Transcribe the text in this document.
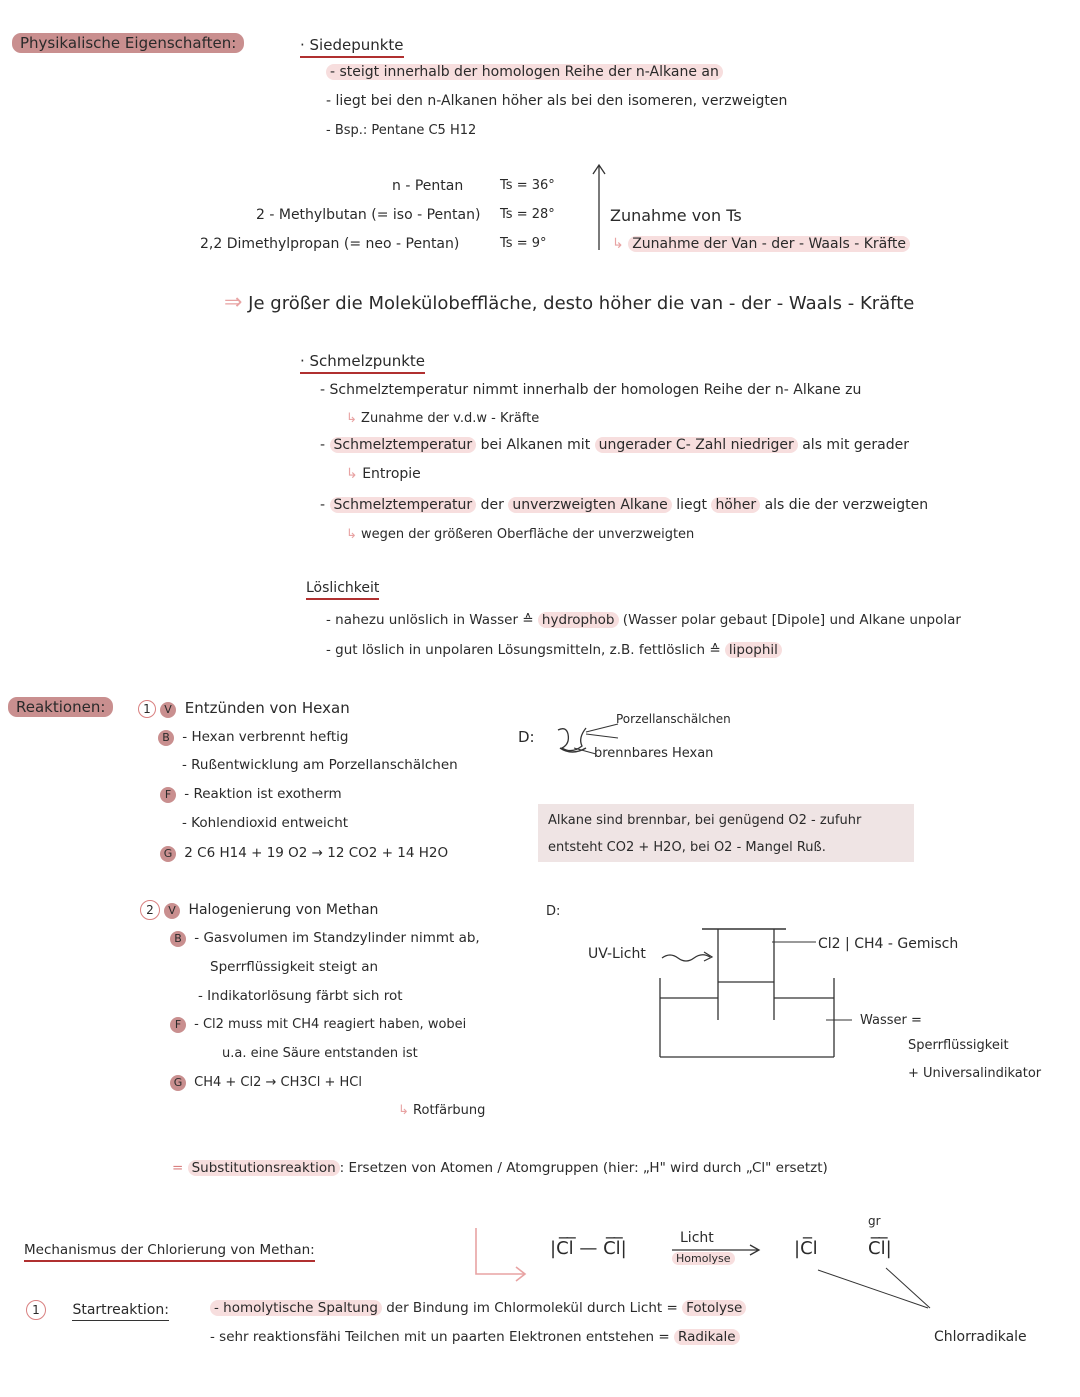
Physikalische Eigenschaften:	· Siedepunkte
- steigt innerhalb der homologen Reihe der n-Alkane an
- liegt bei den n-Alkanen höher als bei den isomeren, verzweigten
- Bsp.: Pentane C5 H12
n - Pentan	Ts = 36°
2 - Methylbutan (= iso - Pentan) Ts = 28°
2,2 Dimethylpropan (= neo - Pentan)	Ts = 9°
Zunahme von Ts
↳ Zunahme der Van - der - Waals - Kräfte
⇒ Je größer die Molekülobeffläche, desto höher die van - der - Waals - Kräfte
· Schmelzpunkte
- Schmelztemperatur nimmt innerhalb der homologen Reihe der n- Alkane zu
↳ Zunahme der v.d.w - Kräfte
- Schmelztemperatur bei Alkanen mit ungerader C- Zahl niedriger als mit gerader
↳ Entropie
- Schmelztemperatur der unverzweigten Alkane liegt höher als die der verzweigten
↳ wegen der größeren Oberfläche der unverzweigten
Löslichkeit
- nahezu unlöslich in Wasser ≙ hydrophob (Wasser polar gebaut [Dipole] und Alkane unpolar
- gut löslich in unpolaren Lösungsmitteln, z.B. fettlöslich ≙ lipophil
Reaktionen:	1 V Entzünden von Hexan
B - Hexan verbrennt heftig
- Rußentwicklung am Porzellanschälchen
F - Reaktion ist exotherm
- Kohlendioxid entweicht
G 2 C6 H14 + 19 O2 → 12 CO2 + 14 H2O
D:
Porzellanschälchen
brennbares Hexan
Alkane sind brennbar, bei genügend O2 - zufuhr
entsteht CO2 + H2O, bei O2 - Mangel Ruß.
2 V Halogenierung von Methan
B - Gasvolumen im Standzylinder nimmt ab,
Sperrflüssigkeit steigt an
- Indikatorlösung färbt sich rot
F - Cl2 muss mit CH4 reagiert haben, wobei
u.a. eine Säure entstanden ist
G CH4 + Cl2 → CH3Cl + HCl
↳ Rotfärbung
D:
UV-Licht
Cl2 | CH4 - Gemisch
Wasser =
Sperrflüssigkeit
+ Universalindikator
= Substitutionsreaktion : Ersetzen von Atomen / Atomgruppen (hier: „H" wird durch „Cl" ersetzt)
Mechanismus der Chlorierung von Methan:	|C̅l̅ — C̅l̅|	Licht
Homolyse	|C̅l
gr
C̅l̅|
1 Startreaktion:	- homolytische Spaltung der Bindung im Chlormolekül durch Licht = Fotolyse
- sehr reaktionsfähi Teilchen mit un paarten Elektronen entstehen = Radikale	Chlorradikale
